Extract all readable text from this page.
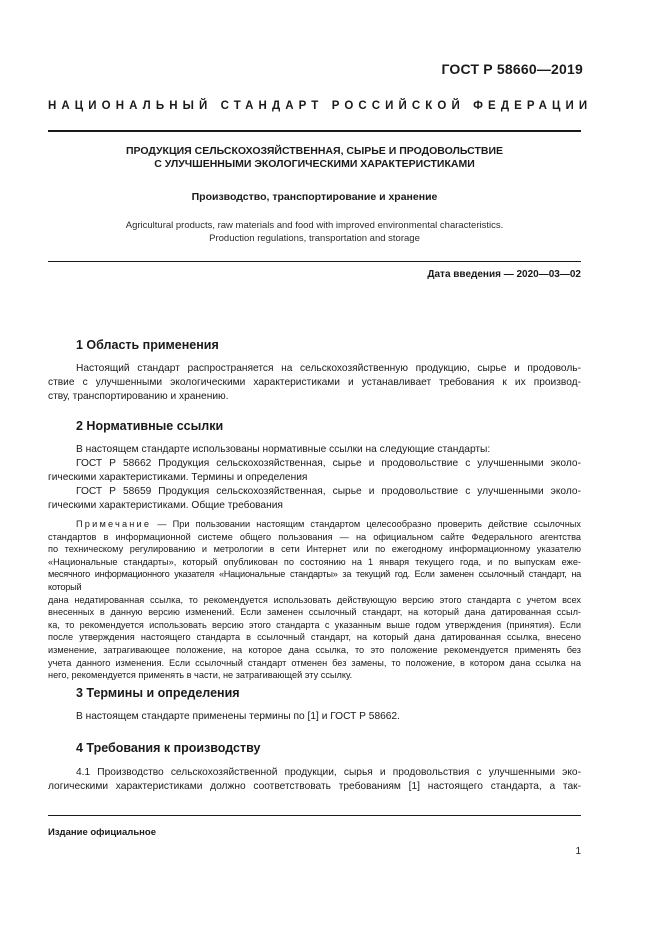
ГОСТ Р 58660—2019
НАЦИОНАЛЬНЫЙ СТАНДАРТ РОССИЙСКОЙ ФЕДЕРАЦИИ
ПРОДУКЦИЯ СЕЛЬСКОХОЗЯЙСТВЕННАЯ, СЫРЬЕ И ПРОДОВОЛЬСТВИЕ
С УЛУЧШЕННЫМИ ЭКОЛОГИЧЕСКИМИ ХАРАКТЕРИСТИКАМИ
Производство, транспортирование и хранение
Agricultural products, raw materials and food with improved environmental characteristics.
Production regulations, transportation and storage
Дата введения — 2020—03—02
1 Область применения
Настоящий стандарт распространяется на сельскохозяйственную продукцию, сырье и продоволь-
ствие с улучшенными экологическими характеристиками и устанавливает требования к их производ-
ству, транспортированию и хранению.
2 Нормативные ссылки
В настоящем стандарте использованы нормативные ссылки на следующие стандарты:
ГОСТ Р 58662 Продукция сельскохозяйственная, сырье и продовольствие с улучшенными эколо-
гическими характеристиками. Термины и определения
ГОСТ Р 58659 Продукция сельскохозяйственная, сырье и продовольствие с улучшенными эколо-
гическими характеристиками. Общие требования
Примечание — При пользовании настоящим стандартом целесообразно проверить действие ссылочных
стандартов в информационной системе общего пользования — на официальном сайте Федерального агентства
по техническому регулированию и метрологии в сети Интернет или по ежегодному информационному указателю
«Национальные стандарты», который опубликован по состоянию на 1 января текущего года, и по выпускам еже-
месячного информационного указателя «Национальные стандарты» за текущий год. Если заменен ссылочный стандарт, на который
дана недатированная ссылка, то рекомендуется использовать действующую версию этого стандарта с учетом всех
внесенных в данную версию изменений. Если заменен ссылочный стандарт, на который дана датированная ссыл-
ка, то рекомендуется использовать версию этого стандарта с указанным выше годом утверждения (принятия). Если
после утверждения настоящего стандарта в ссылочный стандарт, на который дана датированная ссылка, внесено
изменение, затрагивающее положение, на которое дана ссылка, то это положение рекомендуется применять без
учета данного изменения. Если ссылочный стандарт отменен без замены, то положение, в котором дана ссылка на
него, рекомендуется применять в части, не затрагивающей эту ссылку.
3 Термины и определения
В настоящем стандарте применены термины по [1] и ГОСТ Р 58662.
4 Требования к производству
4.1 Производство сельскохозяйственной продукции, сырья и продовольствия с улучшенными эко-
логическими характеристиками должно соответствовать требованиям [1] настоящего стандарта, а так-
Издание официальное
1
